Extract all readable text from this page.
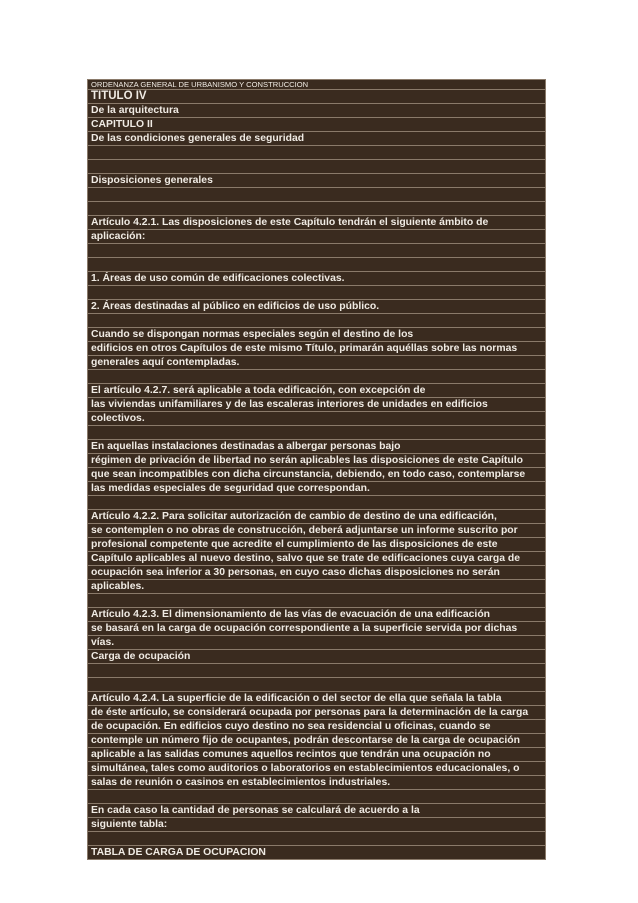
ORDENANZA GENERAL DE URBANISMO Y CONSTRUCCION
TITULO IV
De la arquitectura
CAPITULO II
De las condiciones generales de seguridad
Disposiciones generales
Artículo 4.2.1. Las disposiciones de este Capítulo tendrán el siguiente ámbito de
aplicación:
1. Áreas de uso común de edificaciones colectivas.
2. Áreas destinadas al público en edificios de uso público.
Cuando se dispongan normas especiales según el destino de los
edificios en otros Capítulos de este mismo Título, primarán aquéllas sobre las normas
generales aquí contempladas.
El artículo 4.2.7. será aplicable a toda edificación, con excepción de
las viviendas unifamiliares y de las escaleras interiores de unidades en edificios
colectivos.
En aquellas instalaciones destinadas a albergar personas bajo
régimen de privación de libertad no serán aplicables las disposiciones de este Capítulo
que sean incompatibles con dicha circunstancia, debiendo, en todo caso, contemplarse
las medidas especiales de seguridad que correspondan.
Artículo 4.2.2. Para solicitar autorización de cambio de destino de una edificación,
se contemplen o no obras de construcción, deberá adjuntarse un informe suscrito por
profesional competente que acredite el cumplimiento de las disposiciones de este
Capítulo aplicables al nuevo destino, salvo que se trate de edificaciones cuya carga de
ocupación sea inferior a 30 personas, en cuyo caso dichas disposiciones no serán
aplicables.
Artículo 4.2.3. El dimensionamiento de las vías de evacuación de una edificación
se basará en la carga de ocupación correspondiente a la superficie servida por dichas
vías.
Carga de ocupación
Artículo 4.2.4. La superficie de la edificación o del sector de ella que señala la tabla
de éste artículo, se considerará ocupada por personas para la determinación de la carga
de ocupación. En edificios cuyo destino no sea residencial u oficinas, cuando se
contemple un número fijo de ocupantes, podrán descontarse de la carga de ocupación
aplicable a las salidas comunes aquellos recintos que tendrán una ocupación no
simultánea, tales como auditorios o laboratorios en establecimientos educacionales, o
salas de reunión o casinos en establecimientos industriales.
En cada caso la cantidad de personas se calculará de acuerdo a la
siguiente tabla:
TABLA DE CARGA DE OCUPACION
